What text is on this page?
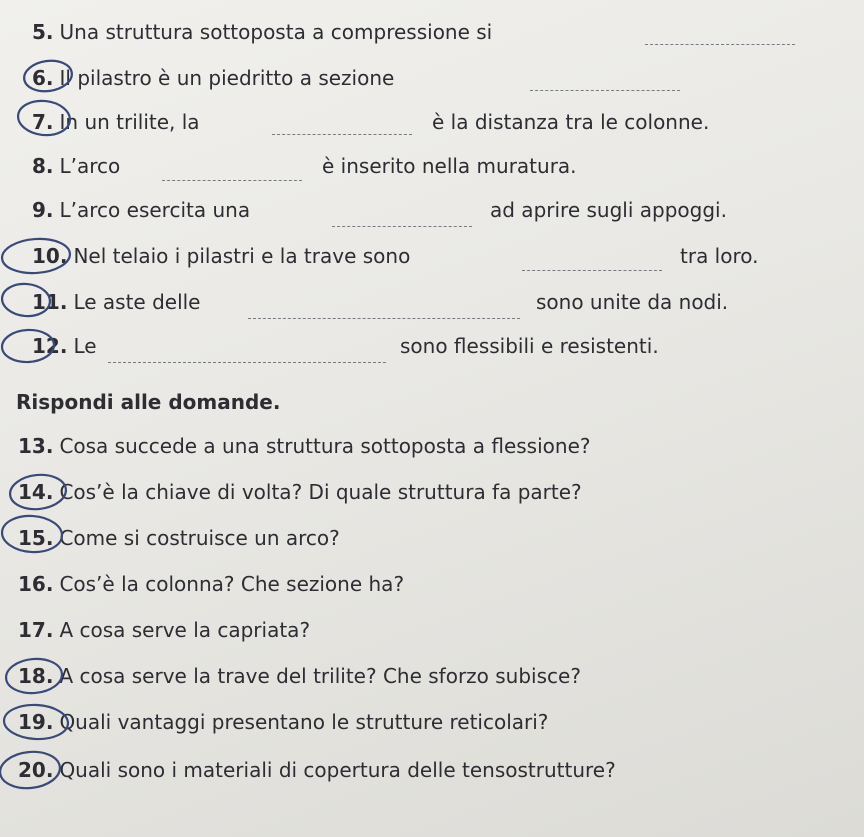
5. Una struttura sottoposta a compressione si
6. Il pilastro è un piedritto a sezione
7. In un trilite, la	è la distanza tra le colonne.
8. L’arco	è inserito nella muratura.
9. L’arco esercita una	ad aprire sugli appoggi.
10. Nel telaio i pilastri e la trave sono	tra loro.
11. Le aste delle	sono unite da nodi.
12. Le	sono flessibili e resistenti.
Rispondi alle domande.
13. Cosa succede a una struttura sottoposta a flessione?
14. Cos’è la chiave di volta? Di quale struttura fa parte?
15. Come si costruisce un arco?
16. Cos’è la colonna? Che sezione ha?
17. A cosa serve la capriata?
18. A cosa serve la trave del trilite? Che sforzo subisce?
19. Quali vantaggi presentano le strutture reticolari?
20. Quali sono i materiali di copertura delle tensostrutture?
